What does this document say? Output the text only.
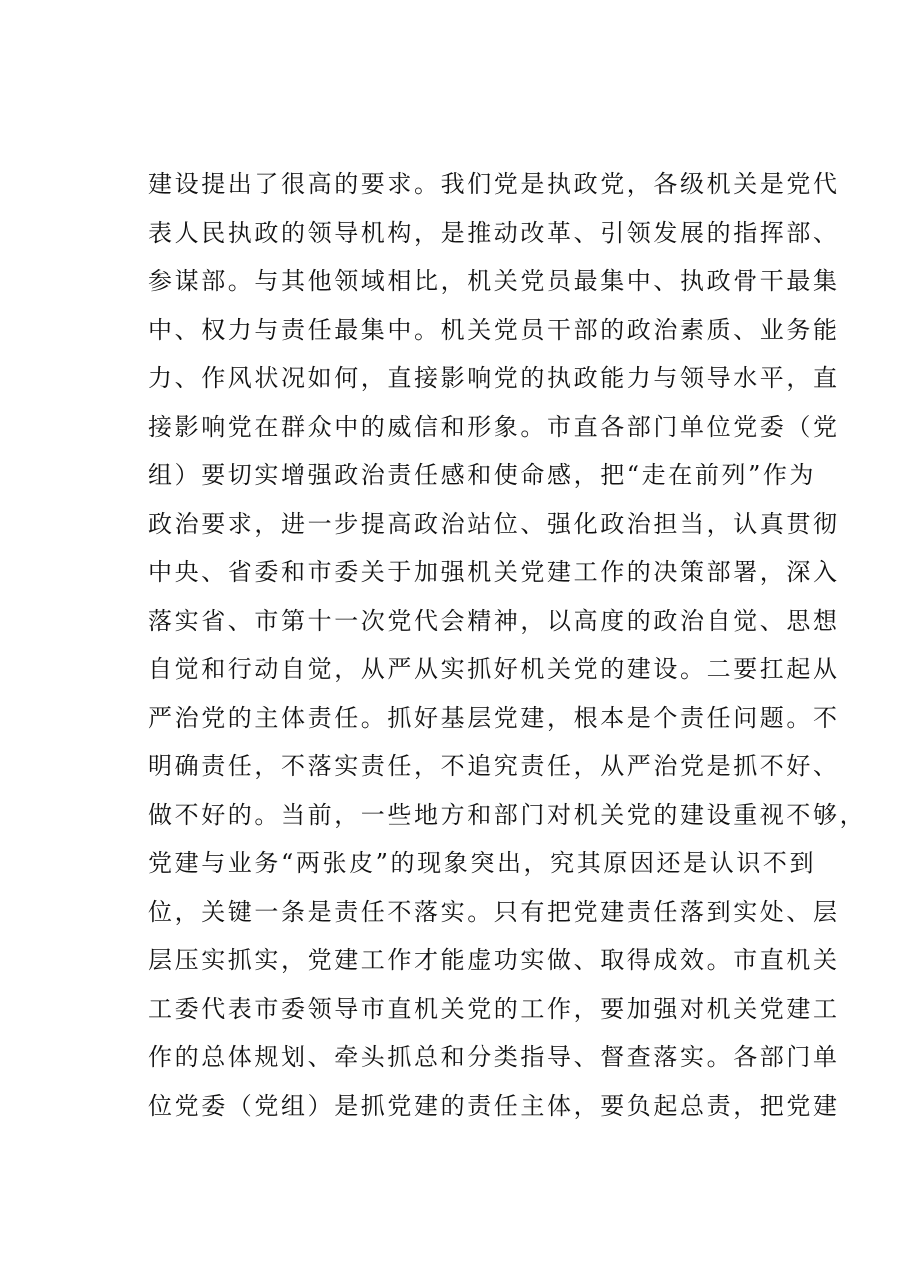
建设提出了很高的要求。我们党是执政党，各级机关是党代
表人民执政的领导机构，是推动改革、引领发展的指挥部、
参谋部。与其他领域相比，机关党员最集中、执政骨干最集
中、权力与责任最集中。机关党员干部的政治素质、业务能
力、作风状况如何，直接影响党的执政能力与领导水平，直
接影响党在群众中的威信和形象。市直各部门单位党委（党
组）要切实增强政治责任感和使命感，把“走在前列”作为
政治要求，进一步提高政治站位、强化政治担当，认真贯彻
中央、省委和市委关于加强机关党建工作的决策部署，深入
落实省、市第十一次党代会精神，以高度的政治自觉、思想
自觉和行动自觉，从严从实抓好机关党的建设。二要扛起从
严治党的主体责任。抓好基层党建，根本是个责任问题。不
明确责任，不落实责任，不追究责任，从严治党是抓不好、
做不好的。当前，一些地方和部门对机关党的建设重视不够，
党建与业务“两张皮”的现象突出，究其原因还是认识不到
位，关键一条是责任不落实。只有把党建责任落到实处、层
层压实抓实，党建工作才能虚功实做、取得成效。市直机关
工委代表市委领导市直机关党的工作，要加强对机关党建工
作的总体规划、牵头抓总和分类指导、督查落实。各部门单
位党委（党组）是抓党建的责任主体，要负起总责，把党建
